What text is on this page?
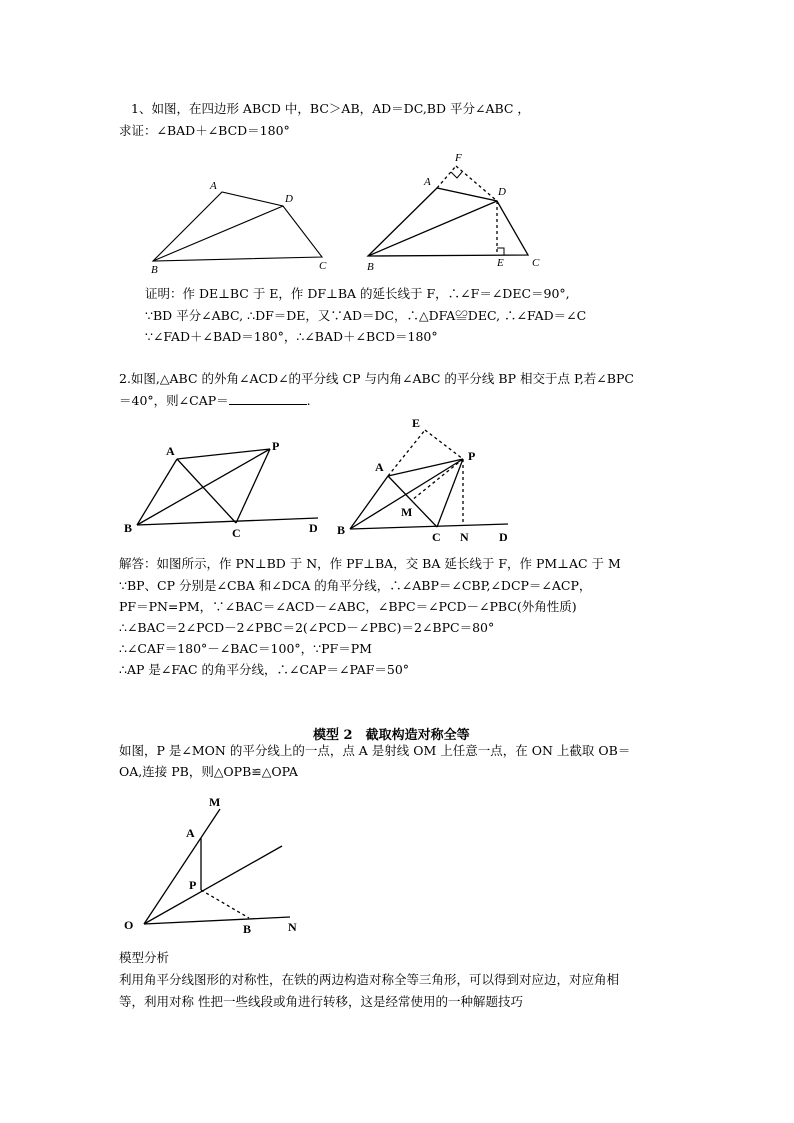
1、如图，在四边形 ABCD 中，BC＞AB，AD＝DC,BD 平分∠ABC ，
求证：∠BAD＋∠BCD＝180°
A
B	C
D
F
A
D
B	E	C
证明：作 DE⊥BC 于 E，作 DF⊥BA 的延长线于 F，∴∠F＝∠DEC＝90°,
∵BD 平分∠ABC, ∴DF＝DE，又∵AD＝DC，∴△DFA≌DEC, ∴∠FAD＝∠C
∵∠FAD＋∠BAD＝180°，∴∠BAD＋∠BCD＝180°
2.如图,△ABC 的外角∠ACD∠的平分线 CP 与内角∠ABC 的平分线 BP 相交于点 P,若∠BPC
＝40°，则∠CAP＝	.
A	P
B	C	D
E
A
P
M
B	C N	D
解答：如图所示，作 PN⊥BD 于 N，作 PF⊥BA，交 BA 延长线于 F，作 PM⊥AC 于 M
∵BP、CP 分别是∠CBA 和∠DCA 的角平分线，∴∠ABP＝∠CBP,∠DCP＝∠ACP，
PF＝PN=PM，∵∠BAC＝∠ACD－∠ABC，∠BPC＝∠PCD－∠PBC(外角性质)
∴∠BAC＝2∠PCD－2∠PBC＝2(∠PCD－∠PBC)＝2∠BPC＝80°
∴∠CAF＝180°－∠BAC＝100°，∵PF＝PM
∴AP 是∠FAC 的角平分线，∴∠CAP＝∠PAF＝50°
模型 2　截取构造对称全等
如图，P 是∠MON 的平分线上的一点，点 A 是射线 OM 上任意一点，在 ON 上截取 OB＝
OA,连接 PB，则△OPB≌△OPA
M
A
P
O	B	N
模型分析
利用角平分线图形的对称性，在铁的两边构造对称全等三角形，可以得到对应边，对应角相
等，利用对称 性把一些线段或角进行转移，这是经常使用的一种解题技巧
